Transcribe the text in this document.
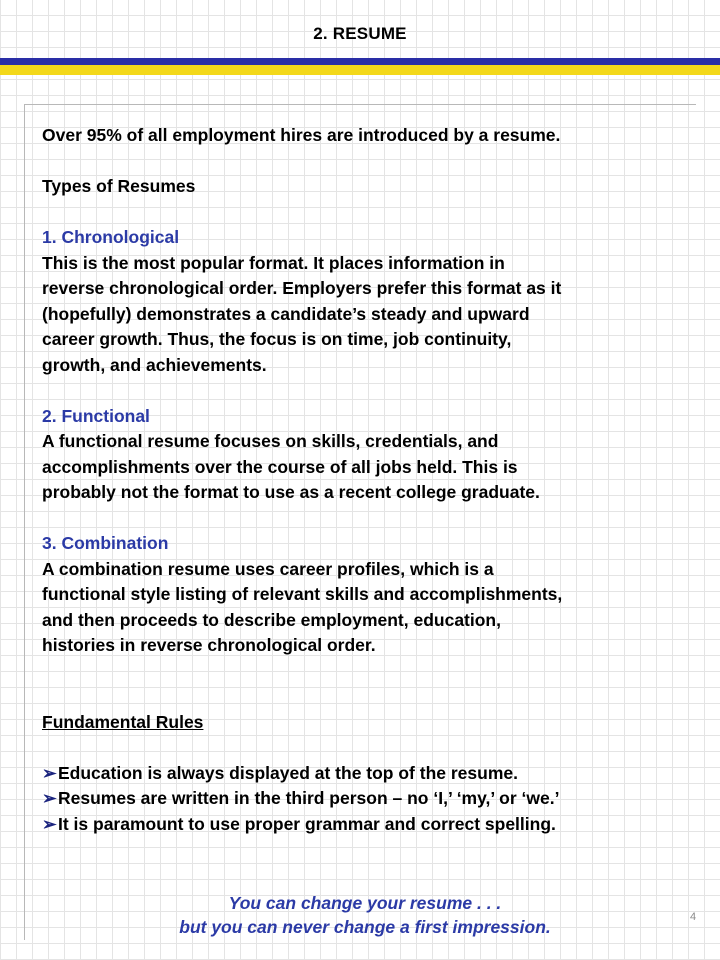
2. RESUME

Over 95% of all employment hires are introduced by a resume.

Types of Resumes

1. Chronological

This is the most popular format. It places information in

reverse chronological order. Employers prefer this format as it

(hopefully) demonstrates a candidate’s steady and upward

career growth. Thus, the focus is on time, job continuity,

growth, and achievements.

2. Functional

A functional resume focuses on skills, credentials, and

accomplishments over the course of all jobs held. This is

probably not the format to use as a recent college graduate.

3. Combination

A combination resume uses career profiles, which is a

functional style listing of relevant skills and accomplishments,

and then proceeds to describe employment, education,

histories in reverse chronological order.

Fundamental Rules

➢ Education is always displayed at the top of the resume.

➢ Resumes are written in the third person – no ‘I,’ ‘my,’ or ‘we.’

➢ It is paramount to use proper grammar and correct spelling.

You can change your resume . . .
but you can never change a first impression.	4
